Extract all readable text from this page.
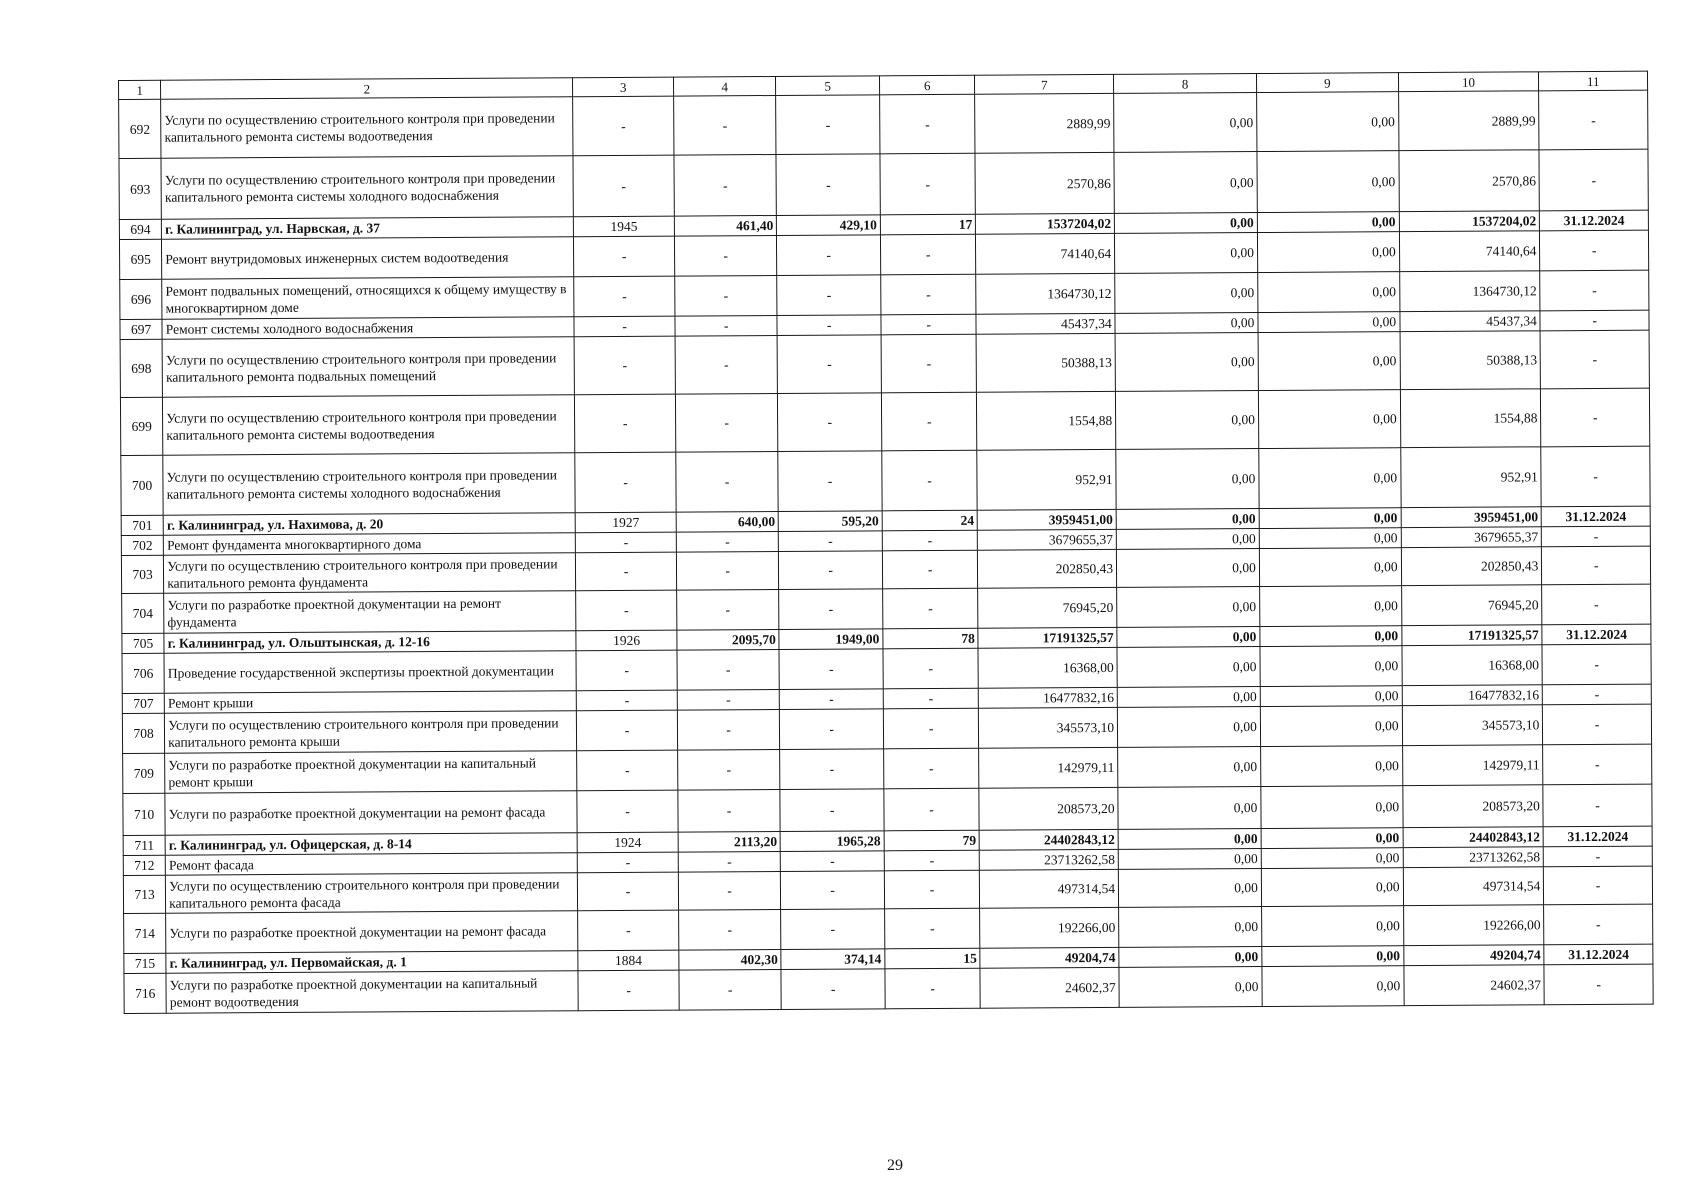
1	2	3	4	5	6	7	8	9	10	11
692	Услуги по осуществлению строительного контроля при проведении капитального ремонта системы водоотведения	-	-	-	-	2889,99	0,00	0,00	2889,99	-
693	Услуги по осуществлению строительного контроля при проведении капитального ремонта системы холодного водоснабжения	-	-	-	-	2570,86	0,00	0,00	2570,86	-
694	г. Калининград, ул. Нарвская, д. 37	1945	461,40	429,10	17	1537204,02	0,00	0,00	1537204,02	31.12.2024
695	Ремонт внутридомовых инженерных систем водоотведения	-	-	-	-	74140,64	0,00	0,00	74140,64	-
696	Ремонт подвальных помещений, относящихся к общему имуществу в многоквартирном доме	-	-	-	-	1364730,12	0,00	0,00	1364730,12	-
697	Ремонт системы холодного водоснабжения	-	-	-	-	45437,34	0,00	0,00	45437,34	-
698	Услуги по осуществлению строительного контроля при проведении капитального ремонта подвальных помещений	-	-	-	-	50388,13	0,00	0,00	50388,13	-
699	Услуги по осуществлению строительного контроля при проведении капитального ремонта системы водоотведения	-	-	-	-	1554,88	0,00	0,00	1554,88	-
700	Услуги по осуществлению строительного контроля при проведении капитального ремонта системы холодного водоснабжения	-	-	-	-	952,91	0,00	0,00	952,91	-
701	г. Калининград, ул. Нахимова, д. 20	1927	640,00	595,20	24	3959451,00	0,00	0,00	3959451,00	31.12.2024
702	Ремонт фундамента многоквартирного дома	-	-	-	-	3679655,37	0,00	0,00	3679655,37	-
703	Услуги по осуществлению строительного контроля при проведении капитального ремонта фундамента	-	-	-	-	202850,43	0,00	0,00	202850,43	-
704	Услуги по разработке проектной документации на ремонт фундамента	-	-	-	-	76945,20	0,00	0,00	76945,20	-
705	г. Калининград, ул. Ольштынская, д. 12-16	1926	2095,70	1949,00	78	17191325,57	0,00	0,00	17191325,57	31.12.2024
706	Проведение государственной экспертизы проектной документации	-	-	-	-	16368,00	0,00	0,00	16368,00	-
707	Ремонт крыши	-	-	-	-	16477832,16	0,00	0,00	16477832,16	-
708	Услуги по осуществлению строительного контроля при проведении капитального ремонта крыши	-	-	-	-	345573,10	0,00	0,00	345573,10	-
709	Услуги по разработке проектной документации на капитальный ремонт крыши	-	-	-	-	142979,11	0,00	0,00	142979,11	-
710	Услуги по разработке проектной документации на ремонт фасада	-	-	-	-	208573,20	0,00	0,00	208573,20	-
711	г. Калининград, ул. Офицерская, д. 8-14	1924	2113,20	1965,28	79	24402843,12	0,00	0,00	24402843,12	31.12.2024
712	Ремонт фасада	-	-	-	-	23713262,58	0,00	0,00	23713262,58	-
713	Услуги по осуществлению строительного контроля при проведении капитального ремонта фасада	-	-	-	-	497314,54	0,00	0,00	497314,54	-
714	Услуги по разработке проектной документации на ремонт фасада	-	-	-	-	192266,00	0,00	0,00	192266,00	-
715	г. Калининград, ул. Первомайская, д. 1	1884	402,30	374,14	15	49204,74	0,00	0,00	49204,74	31.12.2024
716	Услуги по разработке проектной документации на капитальный ремонт водоотведения	-	-	-	-	24602,37	0,00	0,00	24602,37	-
29
